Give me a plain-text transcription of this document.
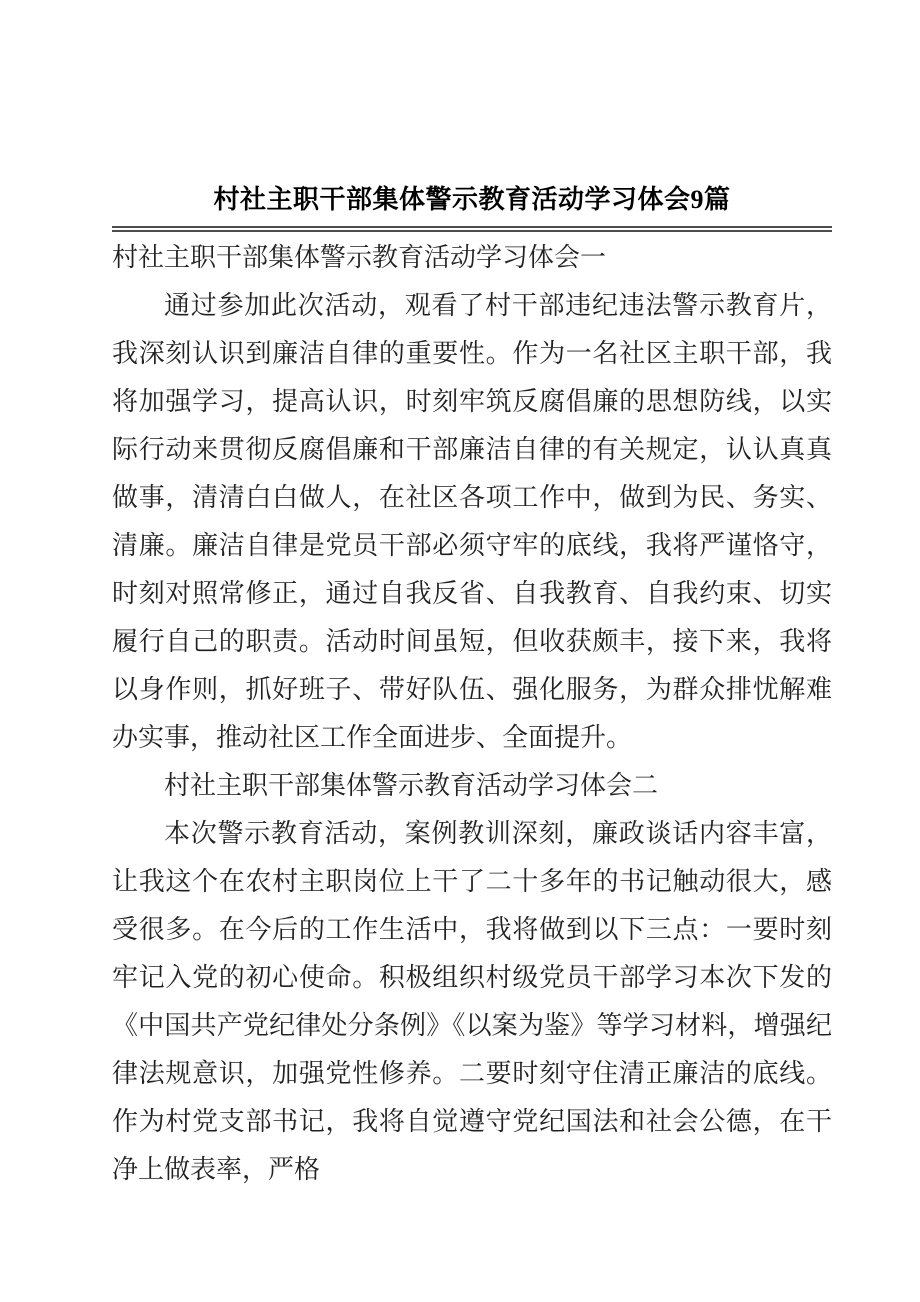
村社主职干部集体警示教育活动学习体会9篇

村社主职干部集体警示教育活动学习体会一

通过参加此次活动，观看了村干部违纪违法警示教育片，我深刻认识到廉洁自律的重要性。作为一名社区主职干部，我将加强学习，提高认识，时刻牢筑反腐倡廉的思想防线，以实际行动来贯彻反腐倡廉和干部廉洁自律的有关规定，认认真真做事，清清白白做人，在社区各项工作中，做到为民、务实、清廉。廉洁自律是党员干部必须守牢的底线，我将严谨恪守，时刻对照常修正，通过自我反省、自我教育、自我约束、切实履行自己的职责。活动时间虽短，但收获颇丰，接下来，我将以身作则，抓好班子、带好队伍、强化服务，为群众排忧解难办实事，推动社区工作全面进步、全面提升。

村社主职干部集体警示教育活动学习体会二

本次警示教育活动，案例教训深刻，廉政谈话内容丰富，让我这个在农村主职岗位上干了二十多年的书记触动很大，感受很多。在今后的工作生活中，我将做到以下三点：一要时刻牢记入党的初心使命。积极组织村级党员干部学习本次下发的《中国共产党纪律处分条例》《以案为鉴》等学习材料，增强纪律法规意识，加强党性修养。二要时刻守住清正廉洁的底线。作为村党支部书记，我将自觉遵守党纪国法和社会公德，在干净上做表率，严格
